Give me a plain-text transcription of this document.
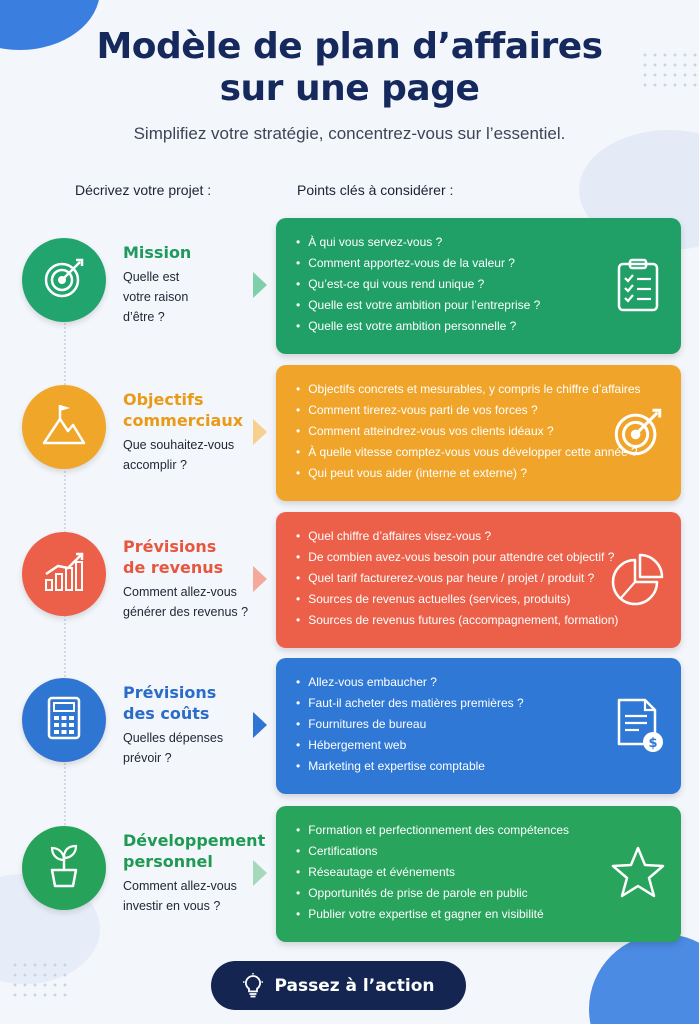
Modèle de plan d’affaires
sur une page
Simplifiez votre stratégie, concentrez-vous sur l’essentiel.
Décrivez votre projet :	Points clés à considérer :
Mission
Quelle est
votre raison
d’être ?
• À qui vous servez-vous ?
• Comment apportez-vous de la valeur ?
• Qu’est-ce qui vous rend unique ?
• Quelle est votre ambition pour l’entreprise ?
• Quelle est votre ambition personnelle ?
Objectifs
commerciaux
Que souhaitez-vous
accomplir ?
• Objectifs concrets et mesurables, y compris le chiffre d’affaires
• Comment tirerez-vous parti de vos forces ?
• Comment atteindrez-vous vos clients idéaux ?
• À quelle vitesse comptez-vous vous développer cette année ?
• Qui peut vous aider (interne et externe) ?
Prévisions
de revenus
Comment allez-vous
générer des revenus ?
• Quel chiffre d’affaires visez-vous ?
• De combien avez-vous besoin pour attendre cet objectif ?
• Quel tarif facturerez-vous par heure / projet / produit ?
• Sources de revenus actuelles (services, produits)
• Sources de revenus futures (accompagnement, formation)
Prévisions
des coûts
Quelles dépenses
prévoir ?
• Allez-vous embaucher ?
• Faut-il acheter des matières premières ?
• Fournitures de bureau
• Hébergement web
• Marketing et expertise comptable
$
Développement
personnel
Comment allez-vous
investir en vous ?
• Formation et perfectionnement des compétences
• Certifications
• Réseautage et événements
• Opportunités de prise de parole en public
• Publier votre expertise et gagner en visibilité
Passez à l’action
